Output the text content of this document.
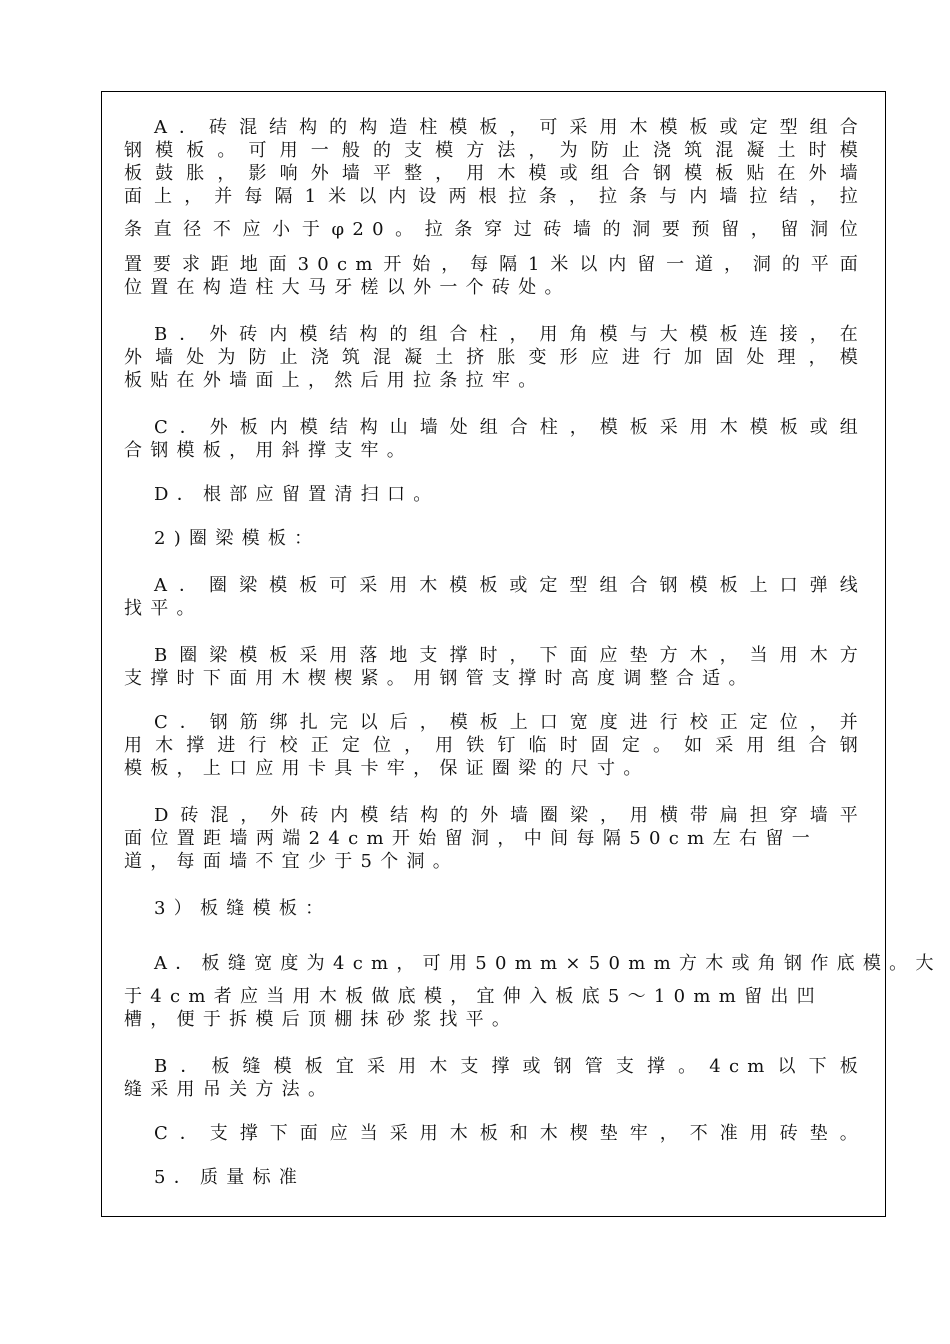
A．砖混结构的构造柱模板，可采用木模板或定型组合
钢模板。可用一般的支模方法，为防止浇筑混凝土时模
板鼓胀，影响外墙平整，用木模或组合钢模板贴在外墙
面上，并每隔1米以内设两根拉条，拉条与内墙拉结，拉
条直径不应小于φ20。拉条穿过砖墙的洞要预留，留洞位
置要求距地面30cm开始，每隔1米以内留一道，洞的平面
位置在构造柱大马牙槎以外一个砖处。
B．外砖内模结构的组合柱，用角模与大模板连接，在
外墙处为防止浇筑混凝土挤胀变形应进行加固处理，模
板贴在外墙面上，然后用拉条拉牢。
C．外板内模结构山墙处组合柱，模板采用木模板或组
合钢模板，用斜撑支牢。
D．根部应留置清扫口。
2)圈梁模板：
A．圈梁模板可采用木模板或定型组合钢模板上口弹线
找平。
B圈梁模板采用落地支撑时，下面应垫方木，当用木方
支撑时下面用木楔楔紧。用钢管支撑时高度调整合适。
C．钢筋绑扎完以后，模板上口宽度进行校正定位，并
用木撑进行校正定位，用铁钉临时固定。如采用组合钢
模板，上口应用卡具卡牢，保证圈梁的尺寸。
D砖混，外砖内模结构的外墙圈梁，用横带扁担穿墙平
面位置距墙两端24cm开始留洞，中间每隔50cm左右留一
道，每面墙不宜少于5个洞。
3）板缝模板：
A．板缝宽度为4cm，可用50mm×50mm方木或角钢作底模。大
于4cm者应当用木板做底模，宜伸入板底5～10mm留出凹
槽，便于拆模后顶棚抹砂浆找平。
B．板缝模板宜采用木支撑或钢管支撑。4cm以下板
缝采用吊关方法。
C．支撑下面应当采用木板和木楔垫牢，不准用砖垫。
5．质量标准
